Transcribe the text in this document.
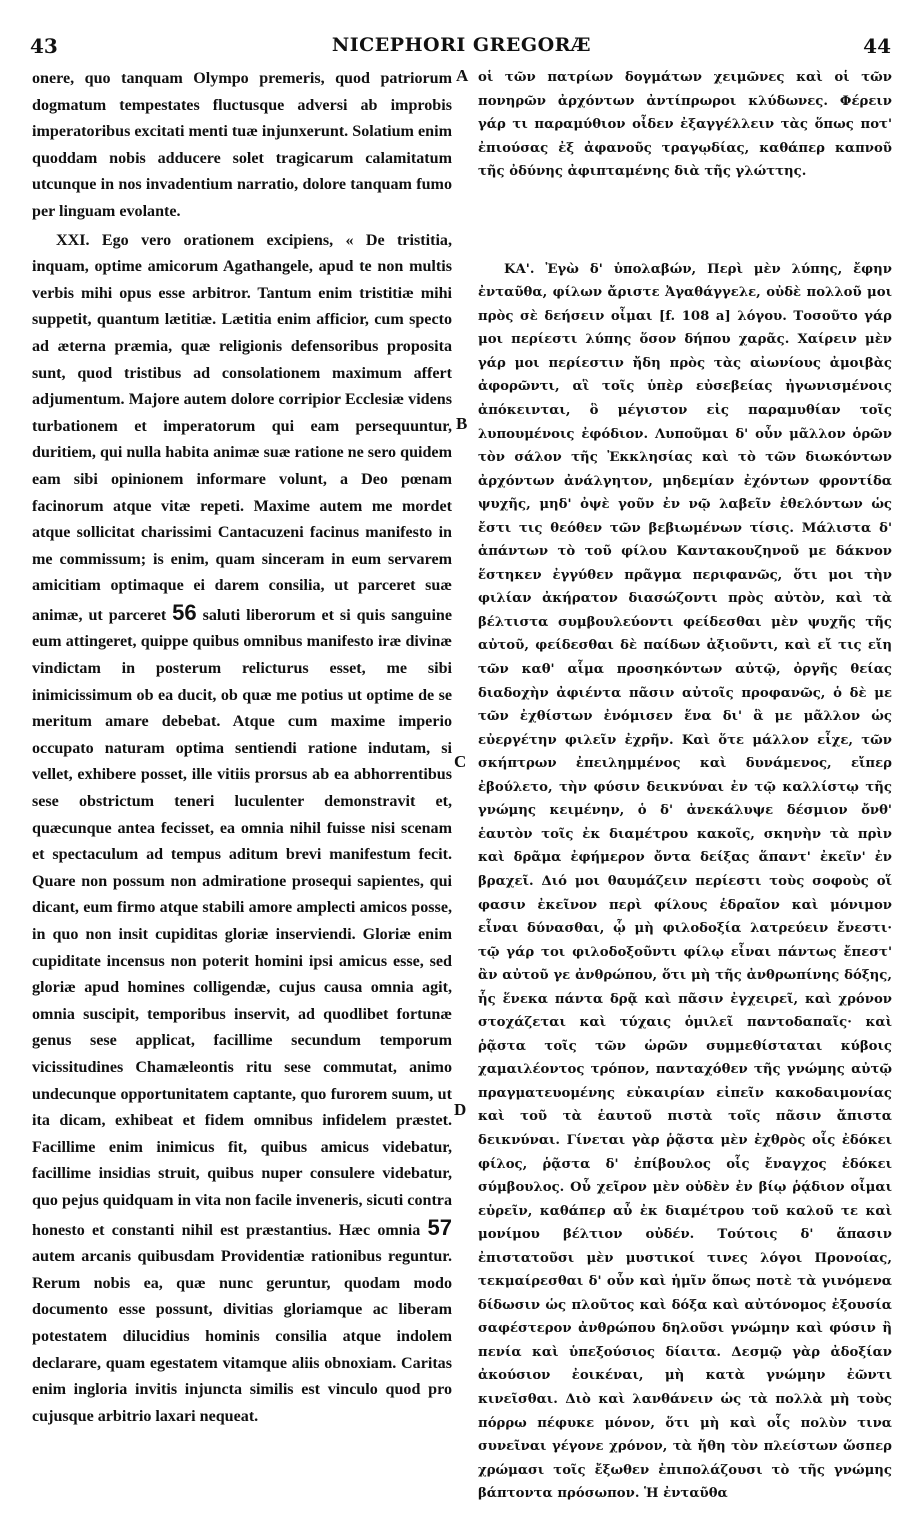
43	NICEPHORI GREGORÆ	44

onere, quo tanquam Olympo premeris, quod patriorum dogmatum tempestates fluctusque adversi ab improbis imperatoribus excitati menti tuæ injunxerunt. Solatium enim quoddam nobis adducere solet tragicarum calamitatum utcunque in nos invadentium narratio, dolore tanquam fumo per linguam evolante.

XXI. Ego vero orationem excipiens, « De tristitia, inquam, optime amicorum Agathangele, apud te non multis verbis mihi opus esse arbitror. Tantum enim tristitiæ mihi suppetit, quantum lætitiæ. Lætitia enim afficior, cum specto ad æterna præmia, quæ religionis defensoribus proposita sunt, quod tristibus ad consolationem maximum affert adjumentum. Majore autem dolore corripior Ecclesiæ videns turbationem et imperatorum qui eam persequuntur, duritiem, qui nulla habita animæ suæ ratione ne sero quidem eam sibi opinionem informare volunt, a Deo pœnam facinorum atque vitæ repeti. Maxime autem me mordet atque sollicitat charissimi Cantacuzeni facinus manifesto in me commissum; is enim, quam sinceram in eum servarem amicitiam optimaque ei darem consilia, ut parceret suæ animæ, ut parceret 56 saluti liberorum et si quis sanguine eum attingeret, quippe quibus omnibus manifesto iræ divinæ vindictam in posterum relicturus esset, me sibi inimicissimum ob ea ducit, ob quæ me potius ut optime de se meritum amare debebat. Atque cum maxime imperio occupato naturam optima sentiendi ratione indutam, si vellet, exhibere posset, ille vitiis prorsus ab ea abhorrentibus sese obstrictum teneri luculenter demonstravit et, quæcunque antea fecisset, ea omnia nihil fuisse nisi scenam et spectaculum ad tempus aditum brevi manifestum fecit. Quare non possum non admiratione prosequi sapientes, qui dicant, eum firmo atque stabili amore amplecti amicos posse, in quo non insit cupiditas gloriæ inserviendi. Gloriæ enim cupiditate incensus non poterit homini ipsi amicus esse, sed gloriæ apud homines colligendæ, cujus causa omnia agit, omnia suscipit, temporibus inservit, ad quodlibet fortunæ genus sese applicat, facillime secundum temporum vicissitudines Chamæleontis ritu sese commutat, animo undecunque opportunitatem captante, quo furorem suum, ut ita dicam, exhibeat et fidem omnibus infidelem præstet. Facillime enim inimicus fit, quibus amicus videbatur, facillime insidias struit, quibus nuper consulere videbatur, quo pejus quidquam in vita non facile inveneris, sicuti contra honesto et constanti nihil est præstantius. Hæc omnia 57 autem arcanis quibusdam Providentiæ rationibus reguntur. Rerum nobis ea, quæ nunc geruntur, quodam modo documento esse possunt, divitias gloriamque ac liberam potestatem dilucidius hominis consilia atque indolem declarare, quam egestatem vitamque aliis obnoxiam. Caritas enim ingloria invitis injuncta similis est vinculo quod pro cujusque arbitrio laxari nequeat.

A
B
C
D

οἱ τῶν πατρίων δογμάτων χειμῶνες καὶ οἱ τῶν πονηρῶν ἀρχόντων ἀντίπρωροι κλύδωνες. Φέρειν γάρ τι παραμύθιον οἶδεν ἐξαγγέλλειν τὰς ὅπως ποτ' ἐπιούσας ἐξ ἀφανοῦς τραγῳδίας, καθάπερ καπνοῦ τῆς ὀδύνης ἀφιπταμένης διὰ τῆς γλώττης.

ΚΑ'. Ἐγὼ δ' ὑπολαβών, Περὶ μὲν λύπης, ἔφην ἐνταῦθα, φίλων ἄριστε Ἀγαθάγγελε, οὐδὲ πολλοῦ μοι πρὸς σὲ δεήσειν οἶμαι [f. 108 a] λόγου. Τοσοῦτο γάρ μοι περίεστι λύπης ὅσον δήπου χαρᾶς. Χαίρειν μὲν γάρ μοι περίεστιν ἤδη πρὸς τὰς αἰωνίους ἀμοιβὰς ἀφορῶντι, αἳ τοῖς ὑπὲρ εὐσεβείας ἠγωνισμένοις ἀπόκεινται, ὃ μέγιστον εἰς παραμυθίαν τοῖς λυπουμένοις ἐφόδιον. Λυποῦμαι δ' οὖν μᾶλλον ὁρῶν τὸν σάλον τῆς Ἐκκλησίας καὶ τὸ τῶν διωκόντων ἀρχόντων ἀνάλγητον, μηδεμίαν ἐχόντων φροντίδα ψυχῆς, μηδ' ὀψὲ γοῦν ἐν νῷ λαβεῖν ἐθελόντων ὡς ἔστι τις θεόθεν τῶν βεβιωμένων τίσις. Μάλιστα δ' ἁπάντων τὸ τοῦ φίλου Καντακουζηνοῦ με δάκνον ἕστηκεν ἐγγύθεν πρᾶγμα περιφανῶς, ὅτι μοι τὴν φιλίαν ἀκήρατον διασώζοντι πρὸς αὐτὸν, καὶ τὰ βέλτιστα συμβουλεύοντι φείδεσθαι μὲν ψυχῆς τῆς αὐτοῦ, φείδεσθαι δὲ παίδων ἀξιοῦντι, καὶ εἴ τις εἴη τῶν καθ' αἷμα προσηκόντων αὐτῷ, ὀργῆς θείας διαδοχὴν ἀφιέντα πᾶσιν αὐτοῖς προφανῶς, ὁ δὲ με τῶν ἐχθίστων ἐνόμισεν ἕνα δι' ἃ με μᾶλλον ὡς εὐεργέτην φιλεῖν ἐχρῆν. Καὶ ὅτε μάλλον εἶχε, τῶν σκήπτρων ἐπειλημμένος καὶ δυνάμενος, εἴπερ ἐβούλετο, τὴν φύσιν δεικνύναι ἐν τῷ καλλίστῳ τῆς γνώμης κειμένην, ὁ δ' ἀνεκάλυψε δέσμιον ὄνθ' ἑαυτὸν τοῖς ἐκ διαμέτρου κακοῖς, σκηνὴν τὰ πρὶν καὶ δρᾶμα ἐφήμερον ὄντα δείξας ἅπαντ' ἐκεῖν' ἐν βραχεῖ. Διό μοι θαυμάζειν περίεστι τοὺς σοφοὺς οἵ φασιν ἐκεῖνον περὶ φίλους ἑδραῖον καὶ μόνιμον εἶναι δύνασθαι, ᾧ μὴ φιλοδοξία λατρεύειν ἔνεστι· τῷ γάρ τοι φιλοδοξοῦντι φίλῳ εἶναι πάντως ἔπεστ' ἂν αὐτοῦ γε ἀνθρώπου, ὅτι μὴ τῆς ἀνθρωπίνης δόξης, ἧς ἕνεκα πάντα δρᾷ καὶ πᾶσιν ἐγχειρεῖ, καὶ χρόνον στοχάζεται καὶ τύχαις ὁμιλεῖ παντοδαπαῖς· καὶ ῥᾷστα τοῖς τῶν ὡρῶν συμμεθίσταται κύβοις χαμαιλέοντος τρόπον, πανταχόθεν τῆς γνώμης αὐτῷ πραγματευομένης εὐκαιρίαν εἰπεῖν κακοδαιμονίας καὶ τοῦ τὰ ἑαυτοῦ πιστὰ τοῖς πᾶσιν ἄπιστα δεικνύναι. Γίνεται γὰρ ῥᾷστα μὲν ἐχθρὸς οἷς ἐδόκει φίλος, ῥᾷστα δ' ἐπίβουλος οἷς ἔναγχος ἐδόκει σύμβουλος. Οὗ χεῖρον μὲν οὐδὲν ἐν βίῳ ῥᾴδιον οἶμαι εὑρεῖν, καθάπερ αὖ ἐκ διαμέτρου τοῦ καλοῦ τε καὶ μονίμου βέλτιον οὐδέν. Τούτοις δ' ἅπασιν ἐπιστατοῦσι μὲν μυστικοί τινες λόγοι Προνοίας, τεκμαίρεσθαι δ' οὖν καὶ ἡμῖν ὅπως ποτὲ τὰ γινόμενα δίδωσιν ὡς πλοῦτος καὶ δόξα καὶ αὐτόνομος ἐξουσία σαφέστερον ἀνθρώπου δηλοῦσι γνώμην καὶ φύσιν ἢ πενία καὶ ὑπεξούσιος δίαιτα. Δεσμῷ γὰρ ἀδοξίαν ἀκούσιον ἐοικέναι, μὴ κατὰ γνώμην ἐῶντι κινεῖσθαι. Διὸ καὶ λανθάνειν ὡς τὰ πολλὰ μὴ τοὺς πόρρω πέφυκε μόνον, ὅτι μὴ καὶ οἷς πολὺν τινα συνεῖναι γέγονε χρόνον, τὰ ἤθη τὸν πλείστων ὥσπερ χρώμασι τοῖς ἔξωθεν ἐπιπολάζουσι τὸ τῆς γνώμης βάπτοντα πρόσωπον. Ἡ ἐνταῦθα
